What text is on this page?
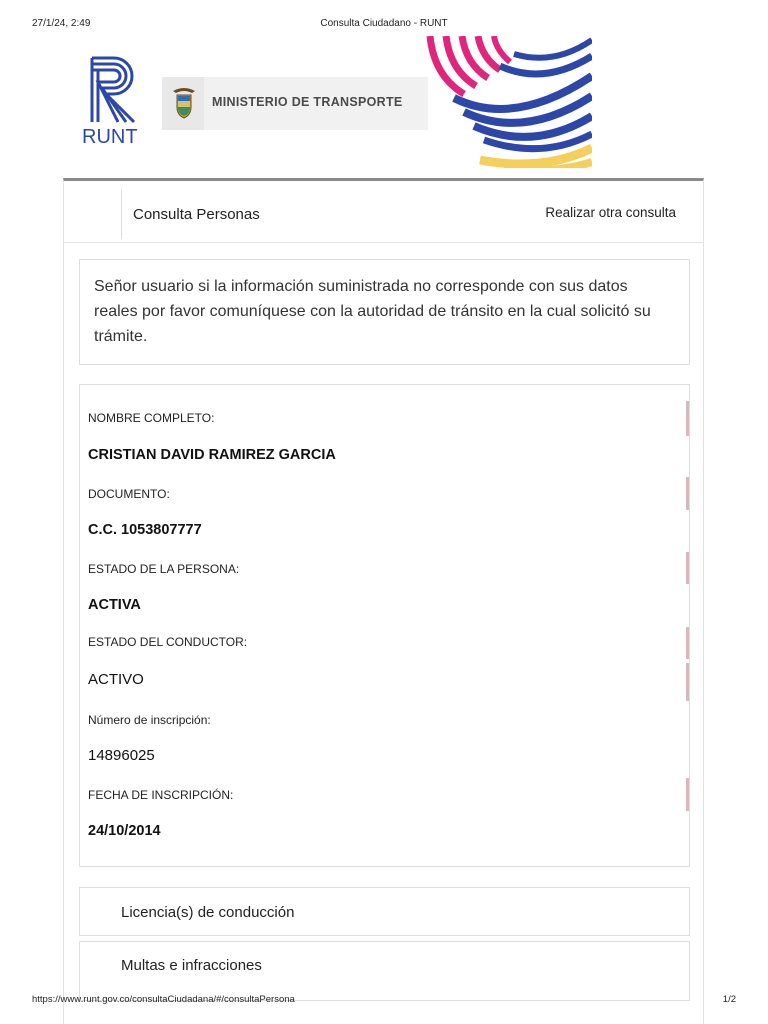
27/1/24, 2:49	Consulta Ciudadano - RUNT
RUNT
MINISTERIO DE TRANSPORTE
Consulta Personas	Realizar otra consulta

Señor usuario si la información suministrada no corresponde con sus datos reales por favor comuníquese con la autoridad de tránsito en la cual solicitó su trámite.

NOMBRE COMPLETO:
CRISTIAN DAVID RAMIREZ GARCIA
DOCUMENTO:
C.C. 1053807777
ESTADO DE LA PERSONA:
ACTIVA
ESTADO DEL CONDUCTOR:
ACTIVO
Número de inscripción:
14896025
FECHA DE INSCRIPCIÓN:
24/10/2014
Licencia(s) de conducción
Multas e infracciones
https://www.runt.gov.co/consultaCiudadana/#/consultaPersona	1/2
